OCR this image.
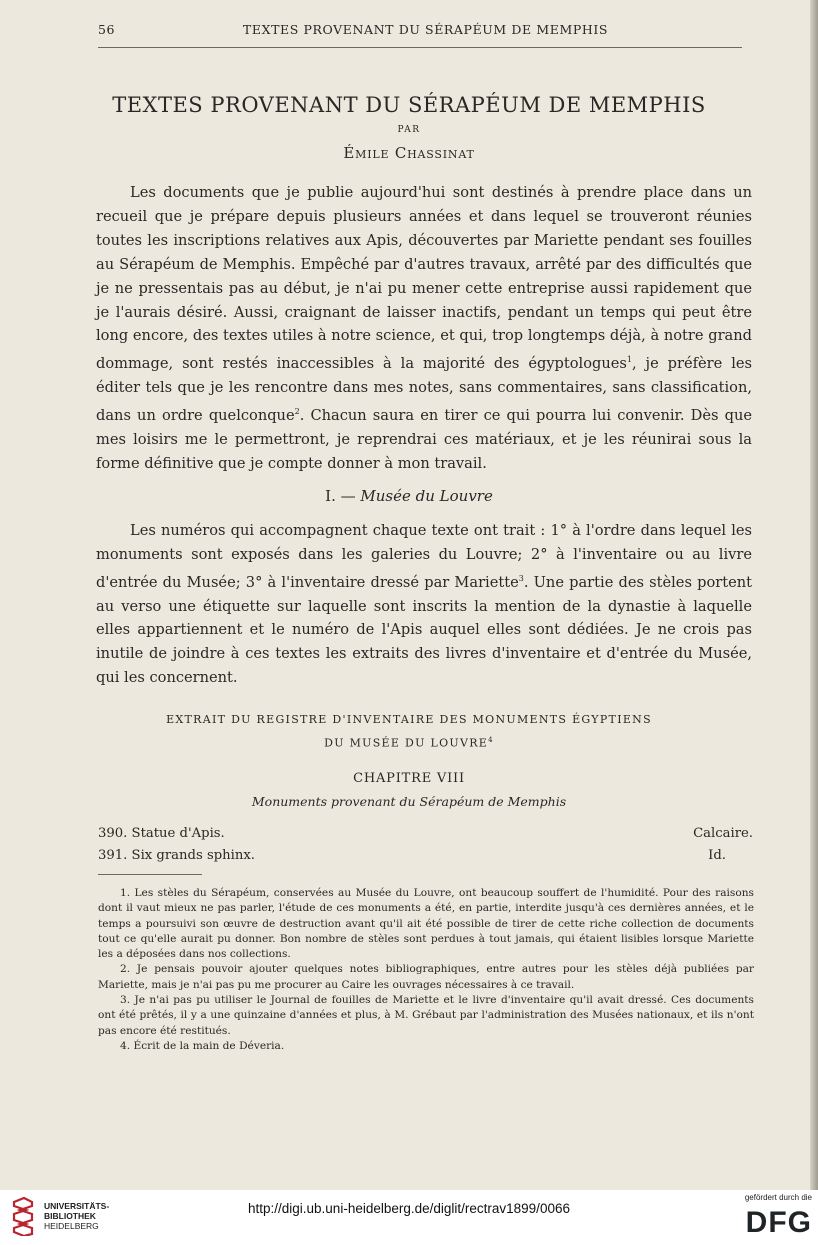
56	TEXTES PROVENANT DU SÉRAPÉUM DE MEMPHIS
TEXTES PROVENANT DU SÉRAPÉUM DE MEMPHIS
PAR
Émile Chassinat

Les documents que je publie aujourd'hui sont destinés à prendre place dans un recueil que je prépare depuis plusieurs années et dans lequel se trouveront réunies toutes les inscriptions relatives aux Apis, découvertes par Mariette pendant ses fouilles au Sérapéum de Memphis. Empêché par d'autres travaux, arrêté par des difficultés que je ne pressentais pas au début, je n'ai pu mener cette entreprise aussi rapidement que je l'aurais désiré. Aussi, craignant de laisser inactifs, pendant un temps qui peut être long encore, des textes utiles à notre science, et qui, trop longtemps déjà, à notre grand dommage, sont restés inaccessibles à la majorité des égyptologues$^1$, je préfère les éditer tels que je les rencontre dans mes notes, sans commentaires, sans classification, dans un ordre quelconque$^2$. Chacun saura en tirer ce qui pourra lui convenir. Dès que mes loisirs me le permettront, je reprendrai ces matériaux, et je les réunirai sous la forme définitive que je compte donner à mon travail.

I. — Musée du Louvre

Les numéros qui accompagnent chaque texte ont trait : 1° à l'ordre dans lequel les monuments sont exposés dans les galeries du Louvre; 2° à l'inventaire ou au livre d'entrée du Musée; 3° à l'inventaire dressé par Mariette$^3$. Une partie des stèles portent au verso une étiquette sur laquelle sont inscrits la mention de la dynastie à laquelle elles appartiennent et le numéro de l'Apis auquel elles sont dédiées. Je ne crois pas inutile de joindre à ces textes les extraits des livres d'inventaire et d'entrée du Musée, qui les concernent.

EXTRAIT DU REGISTRE D'INVENTAIRE DES MONUMENTS ÉGYPTIENS
DU MUSÉE DU LOUVRE$^4$
CHAPITRE VIII
Monuments provenant du Sérapéum de Memphis
390. Statue d'Apis.	Calcaire.
391. Six grands sphinx.	Id.

1. Les stèles du Sérapéum, conservées au Musée du Louvre, ont beaucoup souffert de l'humidité. Pour des raisons dont il vaut mieux ne pas parler, l'étude de ces monuments a été, en partie, interdite jusqu'à ces dernières années, et le temps a poursuivi son œuvre de destruction avant qu'il ait été possible de tirer de cette riche collection de documents tout ce qu'elle aurait pu donner. Bon nombre de stèles sont perdues à tout jamais, qui étaient lisibles lorsque Mariette les a déposées dans nos collections.

2. Je pensais pouvoir ajouter quelques notes bibliographiques, entre autres pour les stèles déjà publiées par Mariette, mais je n'ai pas pu me procurer au Caire les ouvrages nécessaires à ce travail.

3. Je n'ai pas pu utiliser le Journal de fouilles de Mariette et le livre d'inventaire qu'il avait dressé. Ces documents ont été prêtés, il y a une quinzaine d'années et plus, à M. Grébaut par l'administration des Musées nationaux, et ils n'ont pas encore été restitués.

4. Écrit de la main de Déveria.

UNIVERSITÄTS-
BIBLIOTHEK
HEIDELBERG
http://digi.ub.uni-heidelberg.de/diglit/rectrav1899/0066
gefördert durch die
DFG
